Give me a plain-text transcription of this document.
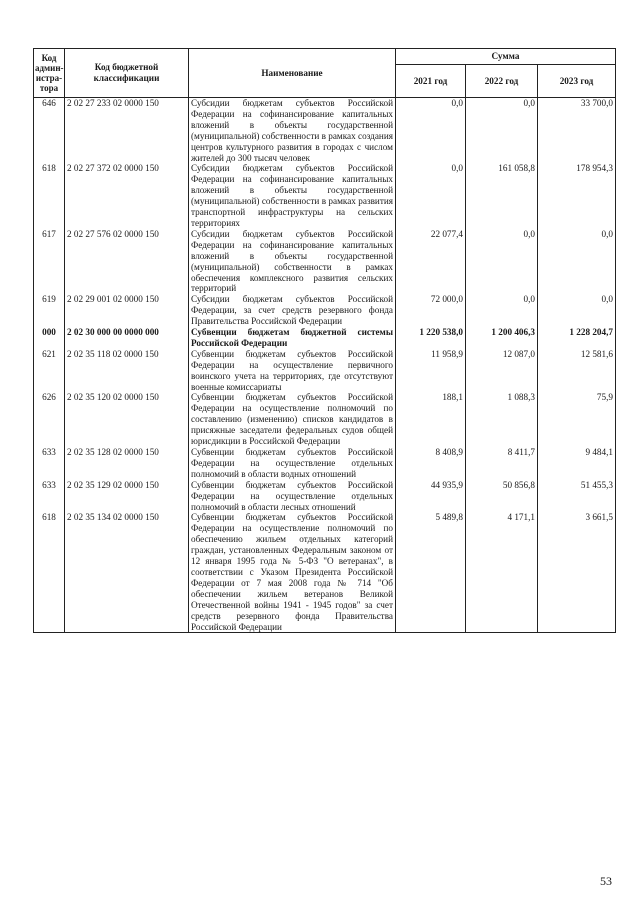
Код админ-истра-тора	Код бюджетной классификации	Наименование	Сумма		
			2021 год	2022 год	2023 год
646	2 02 27 233 02 0000 150	Субсидии бюджетам субъектов Российской Федерации на софинансирование капитальных вложений в объекты государственной (муниципальной) собственности в рамках создания центров культурного развития в городах с числом жителей до 300 тысяч человек	0,0	0,0	33 700,0
618	2 02 27 372 02 0000 150	Субсидии бюджетам субъектов Российской Федерации на софинансирование капитальных вложений в объекты государственной (муниципальной) собственности в рамках развития транспортной инфраструктуры на сельских территориях	0,0	161 058,8	178 954,3
617	2 02 27 576 02 0000 150	Субсидии бюджетам субъектов Российской Федерации на софинансирование капитальных вложений в объекты государственной (муниципальной) собственности в рамках обеспечения комплексного развития сельских территорий	22 077,4	0,0	0,0
619	2 02 29 001 02 0000 150	Субсидии бюджетам субъектов Российской Федерации, за счет средств резервного фонда Правительства Российской Федерации	72 000,0	0,0	0,0
000	2 02 30 000 00 0000 000	Субвенции бюджетам бюджетной системы Российской Федерации	1 220 538,0	1 200 406,3	1 228 204,7
621	2 02 35 118 02 0000 150	Субвенции бюджетам субъектов Российской Федерации на осуществление первичного воинского учета на территориях, где отсутствуют военные комиссариаты	11 958,9	12 087,0	12 581,6
626	2 02 35 120 02 0000 150	Субвенции бюджетам субъектов Российской Федерации на осуществление полномочий по составлению (изменению) списков кандидатов в присяжные заседатели федеральных судов общей юрисдикции в Российской Федерации	188,1	1 088,3	75,9
633	2 02 35 128 02 0000 150	Субвенции бюджетам субъектов Российской Федерации на осуществление отдельных полномочий в области водных отношений	8 408,9	8 411,7	9 484,1
633	2 02 35 129 02 0000 150	Субвенции бюджетам субъектов Российской Федерации на осуществление отдельных полномочий в области лесных отношений	44 935,9	50 856,8	51 455,3
618	2 02 35 134 02 0000 150	Субвенции бюджетам субъектов Российской Федерации на осуществление полномочий по обеспечению жильем отдельных категорий граждан, установленных Федеральным законом от 12 января 1995 года № 5-ФЗ "О ветеранах", в соответствии с Указом Президента Российской Федерации от 7 мая 2008 года № 714 "Об обеспечении жильем ветеранов Великой Отечественной войны 1941 - 1945 годов" за счет средств резервного фонда Правительства Российской Федерации	5 489,8	4 171,1	3 661,5
53
